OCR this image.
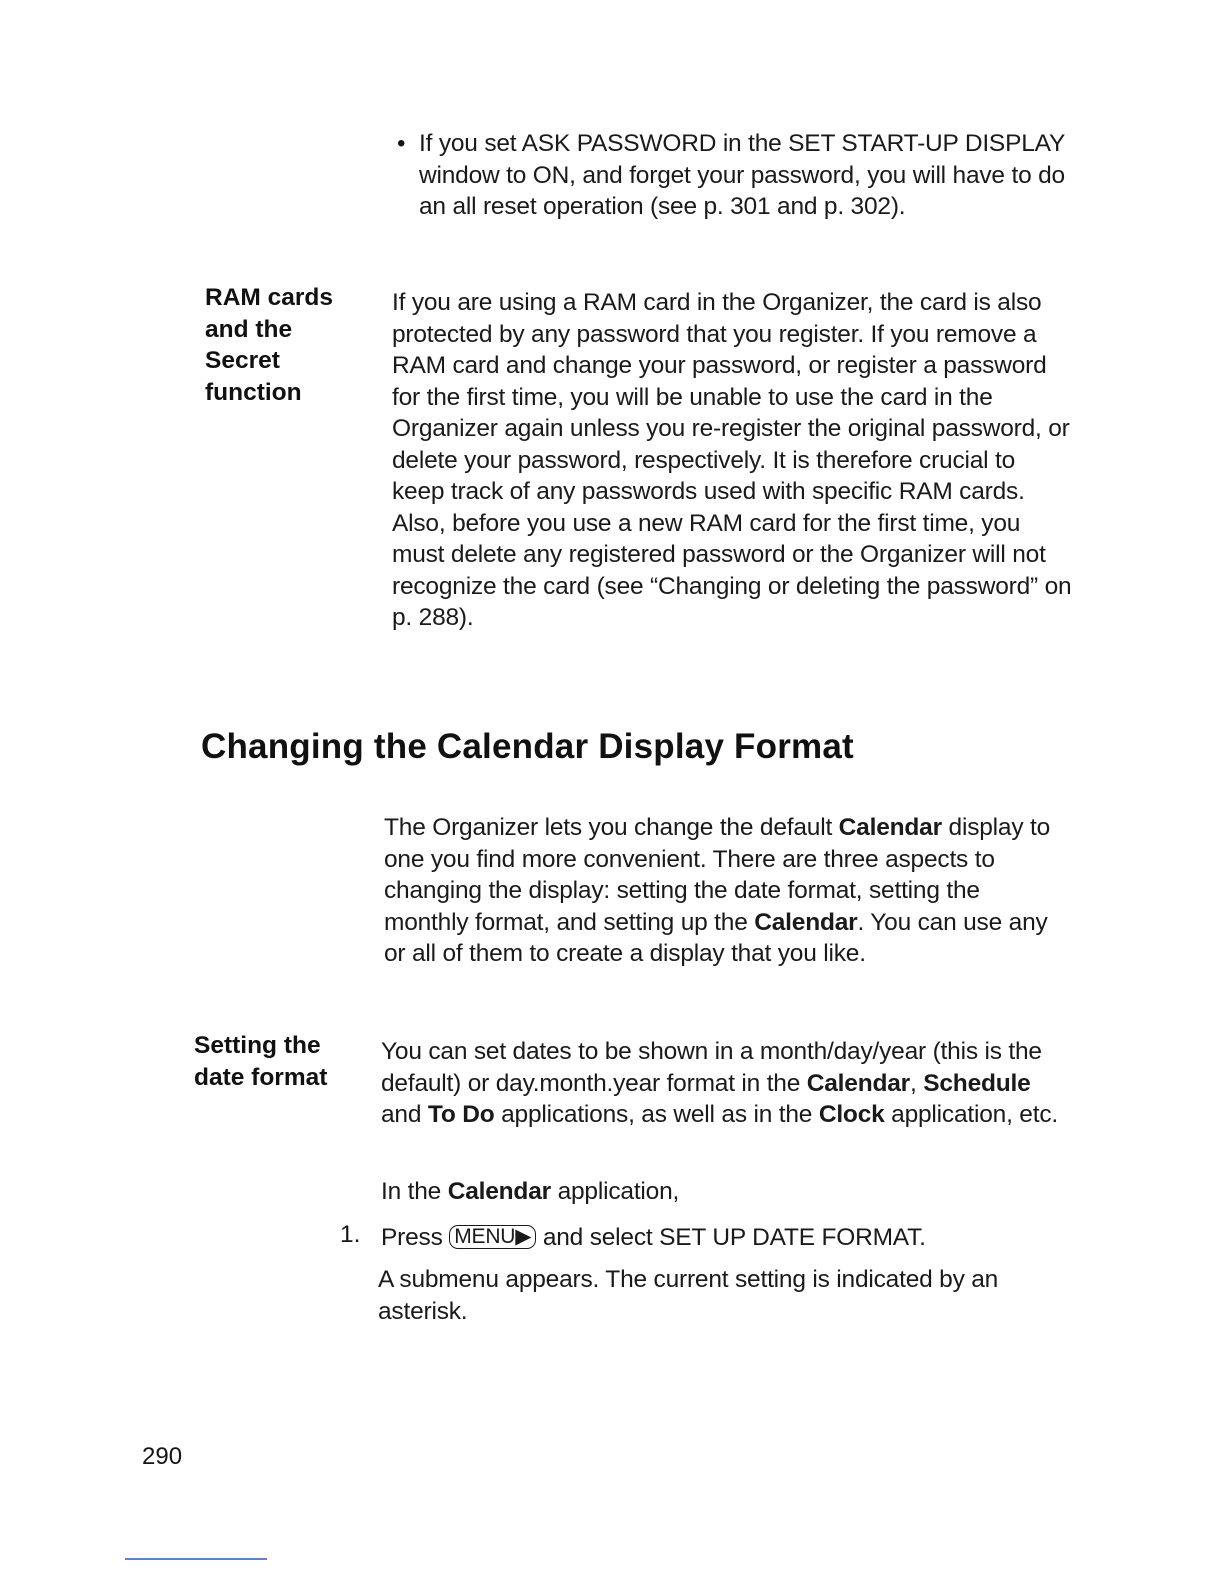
• If you set ASK PASSWORD in the SET START-UP DISPLAY window to ON, and forget your password, you will have to do an all reset operation (see p. 301 and p. 302).
RAM cards and the Secret function
If you are using a RAM card in the Organizer, the card is also protected by any password that you register. If you remove a RAM card and change your password, or register a password for the first time, you will be unable to use the card in the Organizer again unless you re-register the original password, or delete your password, respectively. It is therefore crucial to keep track of any passwords used with specific RAM cards. Also, before you use a new RAM card for the first time, you must delete any registered password or the Organizer will not recognize the card (see “Changing or deleting the password” on p. 288).
Changing the Calendar Display Format
The Organizer lets you change the default Calendar display to one you find more convenient. There are three aspects to changing the display: setting the date format, setting the monthly format, and setting up the Calendar. You can use any or all of them to create a display that you like.
Setting the date format
You can set dates to be shown in a month/day/year (this is the default) or day.month.year format in the Calendar, Schedule and To Do applications, as well as in the Clock application, etc.
In the Calendar application,
1. Press MENU▶ and select SET UP DATE FORMAT.
A submenu appears. The current setting is indicated by an asterisk.
290
